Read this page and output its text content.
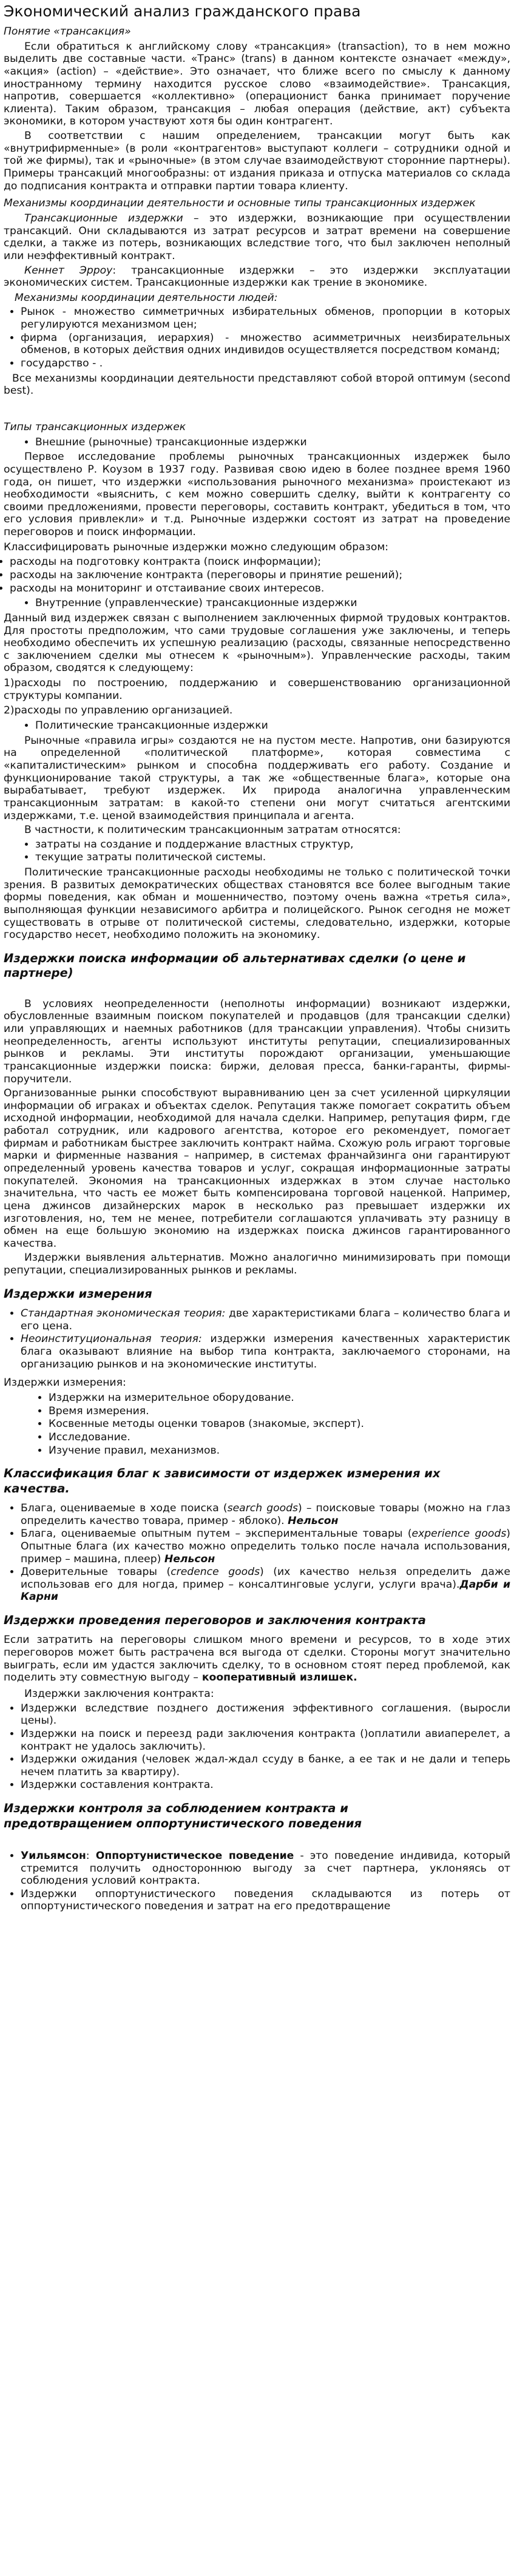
Экономический анализ гражданского права
Понятие «трансакция»

Если обратиться к английскому слову «трансакция» (transaction), то в нем можно выделить две составные части. «Транс» (trans) в данном контексте означает «между», «акция» (action) – «действие». Это означает, что ближе всего по смыслу к данному иностранному термину находится русское слово «взаимодействие». Трансакция, напротив, совершается «коллективно» (операционист банка принимает поручение клиента). Таким образом, трансакция – любая операция (действие, акт) субъекта экономики, в котором участвуют хотя бы один контрагент.

В соответствии с нашим определением, трансакции могут быть как «внутрифирменные» (в роли «контрагентов» выступают коллеги – сотрудники одной и той же фирмы), так и «рыночные» (в этом случае взаимодействуют сторонние партнеры). Примеры трансакций многообразны: от издания приказа и отпуска материалов со склада до подписания контракта и отправки партии товара клиенту.

Механизмы координации деятельности и основные типы трансакционных издержек

Трансакционные издержки – это издержки, возникающие при осуществлении трансакций. Они складываются из затрат ресурсов и затрат времени на совершение сделки, а также из потерь, возникающих вследствие того, что был заключен неполный или неэффективный контракт.

Кеннет Эрроу: трансакционные издержки – это издержки эксплуатации экономических систем. Трансакционные издержки как трение в экономике.

Механизмы координации деятельности людей:
• Рынок - множество симметричных избирательных обменов, пропорции в которых регулируются механизмом цен;
• фирма (организация, иерархия) - множество асимметричных неизбирательных обменов, в которых действия одних индивидов осуществляется посредством команд;
• государство - .

Все механизмы координации деятельности представляют собой второй оптимум (second best).

Типы трансакционных издержек
• Внешние (рыночные) трансакционные издержки

Первое исследование проблемы рыночных трансакционных издержек было осуществлено Р. Коузом в 1937 году. Развивая свою идею в более позднее время 1960 года, он пишет, что издержки «использования рыночного механизма» проистекают из необходимости «выяснить, с кем можно совершить сделку, выйти к контрагенту со своими предложениями, провести переговоры, составить контракт, убедиться в том, что его условия привлекли» и т.д. Рыночные издержки состоят из затрат на проведение переговоров и поиск информации.

Классифицировать рыночные издержки можно следующим образом:

• расходы на подготовку контракта (поиск информации);
• расходы на заключение контракта (переговоры и принятие решений);
• расходы на мониторинг и отстаивание своих интересов.
• Внутренние (управленческие) трансакционные издержки

Данный вид издержек связан с выполнением заключенных фирмой трудовых контрактов. Для простоты предположим, что сами трудовые соглашения уже заключены, и теперь необходимо обеспечить их успешную реализацию (расходы, связанные непосредственно с заключением сделки мы отнесем к «рыночным»). Управленческие расходы, таким образом, сводятся к следующему:

1)расходы по построению, поддержанию и совершенствованию организационной структуры компании.

2)расходы по управлению организацией.

• Политические трансакционные издержки

Рыночные «правила игры» создаются не на пустом месте. Напротив, они базируются на определенной «политической платформе», которая совместима с «капиталистическим» рынком и способна поддерживать его работу. Создание и функционирование такой структуры, а так же «общественные блага», которые она вырабатывает, требуют издержек. Их природа аналогична управленческим трансакционным затратам: в какой-то степени они могут считаться агентскими издержками, т.е. ценой взаимодействия принципала и агента.

В частности, к политическим трансакционным затратам относятся:

• затраты на создание и поддержание властных структур,
• текущие затраты политической системы.

Политические трансакционные расходы необходимы не только с политической точки зрения. В развитых демократических обществах становятся все более выгодным такие формы поведения, как обман и мошенничество, поэтому очень важна «третья сила», выполняющая функции независимого арбитра и полицейского. Рынок сегодня не может существовать в отрыве от политической системы, следовательно, издержки, которые государство несет, необходимо положить на экономику.

Издержки поиска информации об альтернативах сделки (о цене и партнере)

В условиях неопределенности (неполноты информации) возникают издержки, обусловленные взаимным поиском покупателей и продавцов (для трансакции сделки) или управляющих и наемных работников (для трансакции управления). Чтобы снизить неопределенность, агенты используют институты репутации, специализированных рынков и рекламы. Эти институты порождают организации, уменьшающие трансакционные издержки поиска: биржи, деловая пресса, банки-гаранты, фирмы-поручители.

Организованные рынки способствуют выравниванию цен за счет усиленной циркуляции информации об играках и объектах сделок. Репутация также помогает сократить объем исходной информации, необходимой для начала сделки. Например, репутация фирм, где работал сотрудник, или кадрового агентства, которое его рекомендует, помогает фирмам и работникам быстрее заключить контракт найма. Схожую роль играют торговые марки и фирменные названия – например, в системах франчайзинга они гарантируют определенный уровень качества товаров и услуг, сокращая информационные затраты покупателей. Экономия на трансакционных издержках в этом случае настолько значительна, что часть ее может быть компенсирована торговой наценкой. Например, цена джинсов дизайнерских марок в несколько раз превышает издержки их изготовления, но, тем не менее, потребители соглашаются уплачивать эту разницу в обмен на еще большую экономию на издержках поиска джинсов гарантированного качества.

Издержки выявления альтернатив. Можно аналогично минимизировать при помощи репутации, специализированных рынков и рекламы.

Издержки измерения
• Стандартная экономическая теория: две характеристиками блага – количество блага и его цена.
• Неоинституциональная теория: издержки измерения качественных характеристик блага оказывают влияние на выбор типа контракта, заключаемого сторонами, на организацию рынков и на экономические институты.

Издержки измерения:

• Издержки на измерительное оборудование.
• Время измерения.
• Косвенные методы оценки товаров (знакомые, эксперт).
• Исследование.
• Изучение правил, механизмов.
Классификация благ к зависимости от издержек измерения их качества.
• Блага, оцениваемые в ходе поиска (search goods) – поисковые товары (можно на глаз определить качество товара, пример - яблоко). Нельсон
• Блага, оцениваемые опытным путем – экспериментальные товары (experience goods) Опытные блага (их качество можно определить только после начала использования, пример – машина, плеер) Нельсон
• Доверительные товары (credence goods) (их качество нельзя определить даже использовав его для ногда, пример – консалтинговые услуги, услуги врача).Дарби и Карни
Издержки проведения переговоров и заключения контракта

Если затратить на переговоры слишком много времени и ресурсов, то в ходе этих переговоров может быть растрачена вся выгода от сделки. Стороны могут значительно выиграть, если им удастся заключить сделку, то в основном стоят перед проблемой, как поделить эту совместную выгоду – кооперативный излишек.

Издержки заключения контракта:

• Издержки вследствие позднего достижения эффективного соглашения. (выросли цены).
• Издержки на поиск и переезд ради заключения контракта ()оплатили авиаперелет, а контракт не удалось заключить).
• Издержки ожидания (человек ждал-ждал ссуду в банке, а ее так и не дали и теперь нечем платить за квартиру).
• Издержки составления контракта.
Издержки контроля за соблюдением контракта и предотвращением оппортунистического поведения
• Уильямсон: Оппортунистическое поведение - это поведение индивида, который стремится получить одностороннюю выгоду за счет партнера, уклоняясь от соблюдения условий контракта.
• Издержки оппортунистического поведения складываются из потерь от оппортунистического поведения и затрат на его предотвращение
